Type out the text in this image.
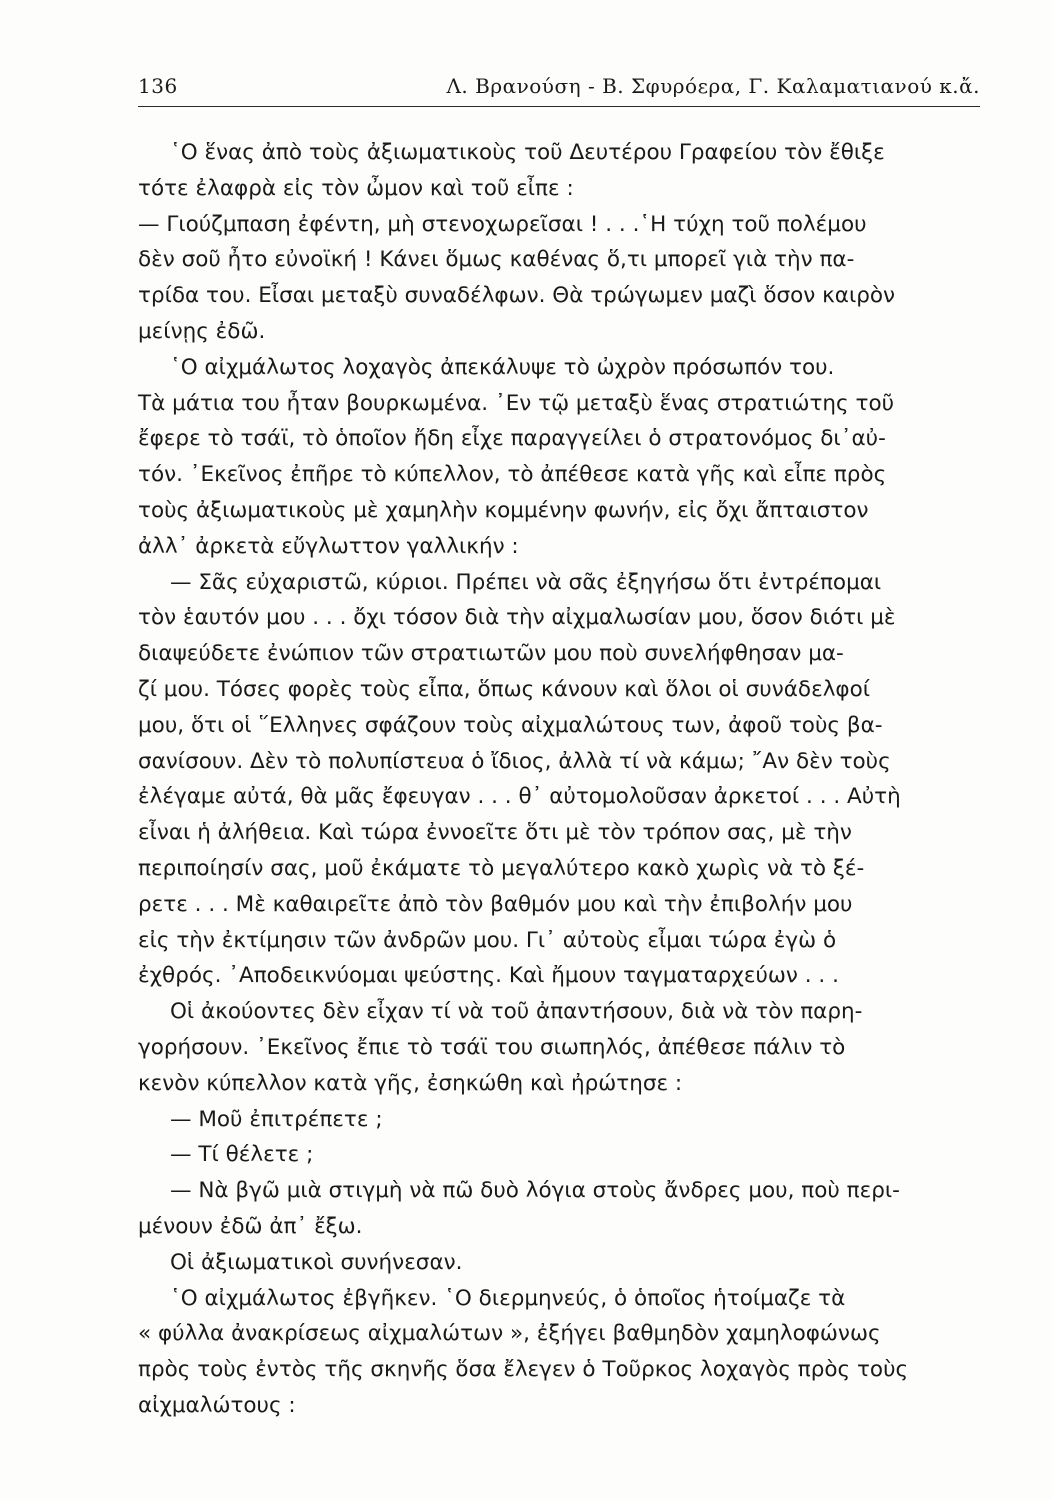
136	Λ. Βρανούση - Β. Σφυρόερα, Γ. Καλαματιανού κ.ἄ.
῾Ο ἕνας ἀπὸ τοὺς ἀξιωματικοὺς τοῦ Δευτέρου Γραφείου τὸν ἔθιξε
τότε ἐλαφρὰ εἰς τὸν ὦμον καὶ τοῦ εἶπε :
— Γιούζμπαση ἐφέντη, μὴ στενοχωρεῖσαι ! . . .῾Η τύχη τοῦ πολέμου
δὲν σοῦ ἦτο εὐνοϊκή ! Κάνει ὅμως καθένας ὅ,τι μπορεῖ γιὰ τὴν πα-
τρίδα του. Εἶσαι μεταξὺ συναδέλφων. Θὰ τρώγωμεν μαζὶ ὅσον καιρὸν
μείνῃς ἐδῶ.
῾Ο αἰχμάλωτος λοχαγὸς ἀπεκάλυψε τὸ ὠχρὸν πρόσωπόν του.
Τὰ μάτια του ἦταν βουρκωμένα. ᾿Εν τῷ μεταξὺ ἕνας στρατιώτης τοῦ
ἔφερε τὸ τσάϊ, τὸ ὁποῖον ἤδη εἶχε παραγγείλει ὁ στρατονόμος δι᾿αὐ-
τόν. ᾿Εκεῖνος ἐπῆρε τὸ κύπελλον, τὸ ἀπέθεσε κατὰ γῆς καὶ εἶπε πρὸς
τοὺς ἀξιωματικοὺς μὲ χαμηλὴν κομμένην φωνήν, εἰς ὄχι ἄπταιστον
ἀλλ᾿ ἀρκετὰ εὔγλωττον γαλλικήν :
— Σᾶς εὐχαριστῶ, κύριοι. Πρέπει νὰ σᾶς ἐξηγήσω ὅτι ἐντρέπομαι
τὸν ἑαυτόν μου . . . ὄχι τόσον διὰ τὴν αἰχμαλωσίαν μου, ὅσον διότι μὲ
διαψεύδετε ἐνώπιον τῶν στρατιωτῶν μου ποὺ συνελήφθησαν μα-
ζί μου. Τόσες φορὲς τοὺς εἶπα, ὅπως κάνουν καὶ ὅλοι οἱ συνάδελφοί
μου, ὅτι οἱ ῞Ελληνες σφάζουν τοὺς αἰχμαλώτους των, ἀφοῦ τοὺς βα-
σανίσουν. Δὲν τὸ πολυπίστευα ὁ ἴδιος, ἀλλὰ τί νὰ κάμω; ῎Αν δὲν τοὺς
ἐλέγαμε αὐτά, θὰ μᾶς ἔφευγαν . . . θ᾿ αὐτομολοῦσαν ἀρκετοί . . . Αὐτὴ
εἶναι ἡ ἀλήθεια. Καὶ τώρα ἐννοεῖτε ὅτι μὲ τὸν τρόπον σας, μὲ τὴν
περιποίησίν σας, μοῦ ἐκάματε τὸ μεγαλύτερο κακὸ χωρὶς νὰ τὸ ξέ-
ρετε . . . Μὲ καθαιρεῖτε ἀπὸ τὸν βαθμόν μου καὶ τὴν ἐπιβολήν μου
εἰς τὴν ἐκτίμησιν τῶν ἀνδρῶν μου. Γι᾿ αὐτοὺς εἶμαι τώρα ἐγὼ ὁ
ἐχθρός. ᾿Αποδεικνύομαι ψεύστης. Καὶ ἤμουν ταγματαρχεύων . . .
Οἱ ἀκούοντες δὲν εἶχαν τί νὰ τοῦ ἀπαντήσουν, διὰ νὰ τὸν παρη-
γορήσουν. ᾿Εκεῖνος ἔπιε τὸ τσάϊ του σιωπηλός, ἀπέθεσε πάλιν τὸ
κενὸν κύπελλον κατὰ γῆς, ἐσηκώθη καὶ ἠρώτησε :
— Μοῦ ἐπιτρέπετε ;
— Τί θέλετε ;
— Νὰ βγῶ μιὰ στιγμὴ νὰ πῶ δυὸ λόγια στοὺς ἄνδρες μου, ποὺ περι-
μένουν ἐδῶ ἀπ᾿ ἔξω.
Οἱ ἀξιωματικοὶ συνήνεσαν.
῾Ο αἰχμάλωτος ἐβγῆκεν. ῾Ο διερμηνεύς, ὁ ὁποῖος ἡτοίμαζε τὰ
« φύλλα ἀνακρίσεως αἰχμαλώτων », ἐξήγει βαθμηδὸν χαμηλοφώνως
πρὸς τοὺς ἐντὸς τῆς σκηνῆς ὅσα ἔλεγεν ὁ Τοῦρκος λοχαγὸς πρὸς τοὺς
αἰχμαλώτους :
